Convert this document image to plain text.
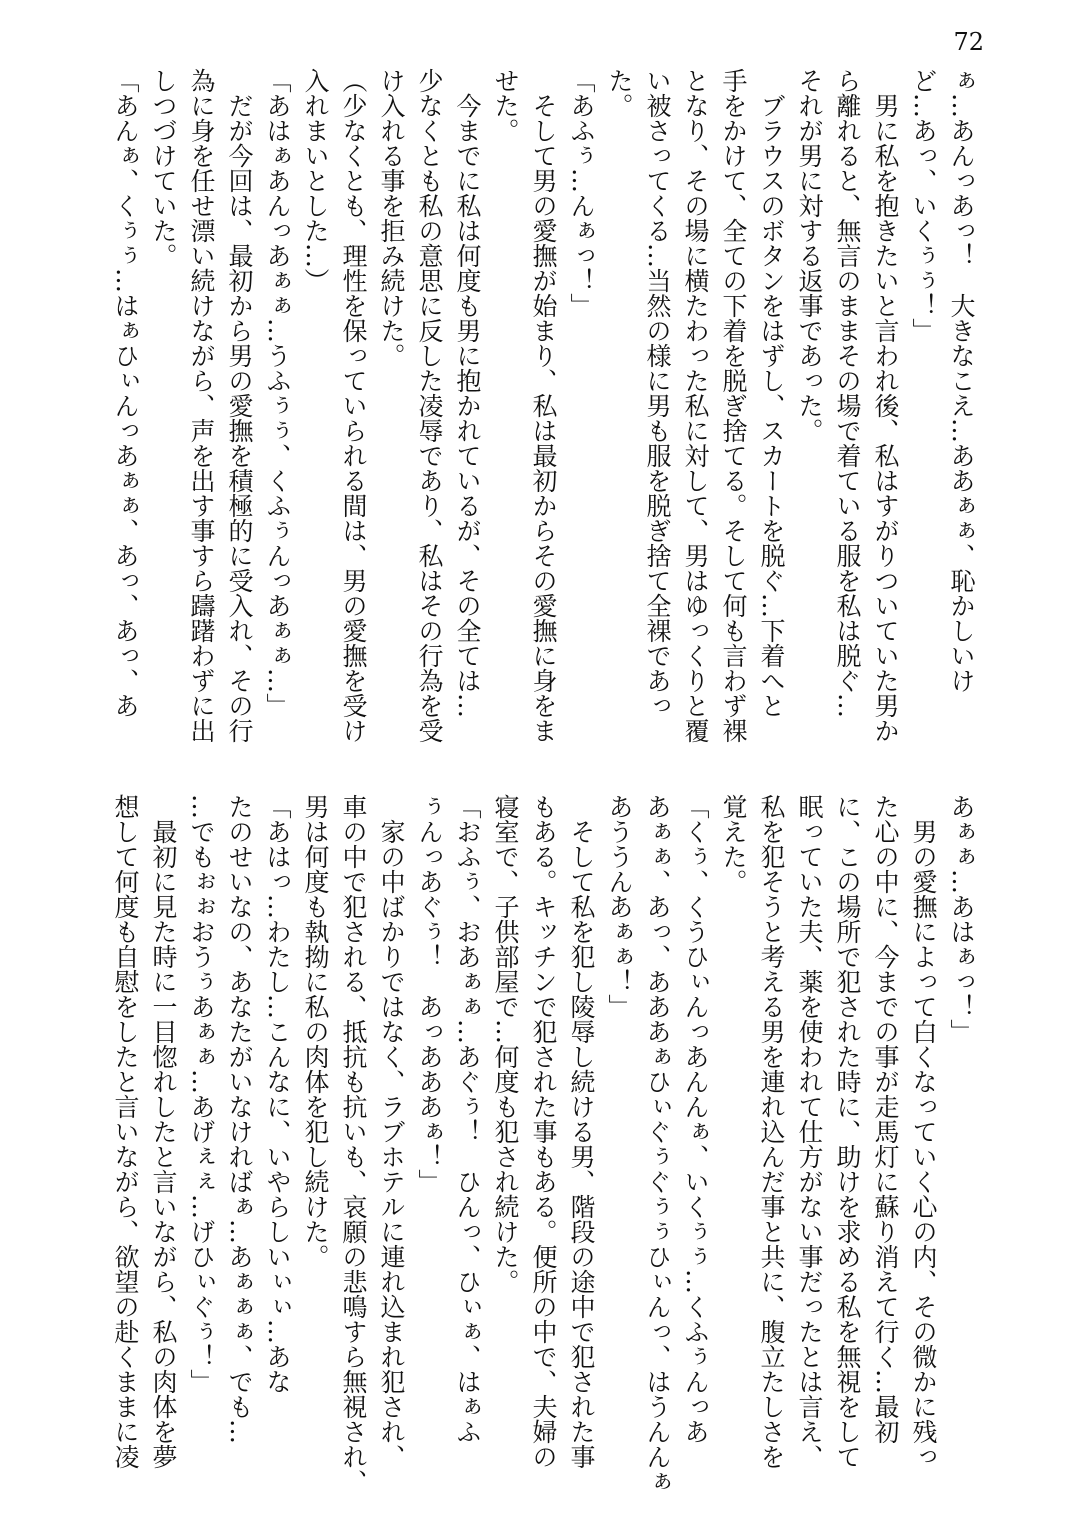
72
ぁ…あんっあっ！　大きなこえ…ああぁぁ、恥かしいけ
ど…あっ、いくぅぅ！」
　男に私を抱きたいと言われ後、私はすがりついていた男か
ら離れると、無言のままその場で着ている服を私は脱ぐ…
それが男に対する返事であった。
　ブラウスのボタンをはずし、スカートを脱ぐ…下着へと
手をかけて、全ての下着を脱ぎ捨てる。そして何も言わず裸
となり、その場に横たわった私に対して、男はゆっくりと覆
い被さってくる…当然の様に男も服を脱ぎ捨て全裸であっ
た。
「あふぅ…んぁっ！」
　そして男の愛撫が始まり、私は最初からその愛撫に身をま
せた。
　今までに私は何度も男に抱かれているが、その全ては…
少なくとも私の意思に反した凌辱であり、私はその行為を受
け入れる事を拒み続けた。
（少なくとも、理性を保っていられる間は、男の愛撫を受け
入れまいとした…）
「あはぁあんっあぁぁ…うふぅぅ、くふぅんっあぁぁ…」
　だが今回は、最初から男の愛撫を積極的に受入れ、その行
為に身を任せ漂い続けながら、声を出す事すら躊躇わずに出
しつづけていた。
「あんぁ、くぅぅ…はぁひぃんっあぁぁ、あっ、あっ、あ
あぁぁ…あはぁっ！」
　男の愛撫によって白くなっていく心の内、その微かに残っ
た心の中に、今までの事が走馬灯に蘇り消えて行く…最初
に、この場所で犯された時に、助けを求める私を無視をして
眠っていた夫、薬を使われて仕方がない事だったとは言え、
私を犯そうと考える男を連れ込んだ事と共に、腹立たしさを
覚えた。
「くぅ、くうひぃんっあんんぁ、いくぅぅ…くふぅんっあ
あぁぁ、あっ、あああぁひぃぐぅぐぅぅひぃんっ、はうんんぁ
あううんあぁぁ！」
　そして私を犯し陵辱し続ける男、階段の途中で犯された事
もある。キッチンで犯された事もある。便所の中で、夫婦の
寝室で、子供部屋で…何度も犯され続けた。
「おふぅ、おあぁぁ…あぐぅ！　ひんっ、ひぃぁ、はぁふ
ぅんっあぐぅ！　あっあああぁ！」
　家の中ばかりではなく、ラブホテルに連れ込まれ犯され、
車の中で犯される、抵抗も抗いも、哀願の悲鳴すら無視され、
男は何度も執拗に私の肉体を犯し続けた。
「あはっ…わたし…こんなに、いやらしいぃぃ…あな
たのせいなの、あなたがいなければぁ…あぁぁぁ、でも…
…でもぉぉおうぅあぁぁ…あげぇぇ…げひぃぐぅ！」
　最初に見た時に一目惚れしたと言いながら、私の肉体を夢
想して何度も自慰をしたと言いながら、欲望の赴くままに凌
